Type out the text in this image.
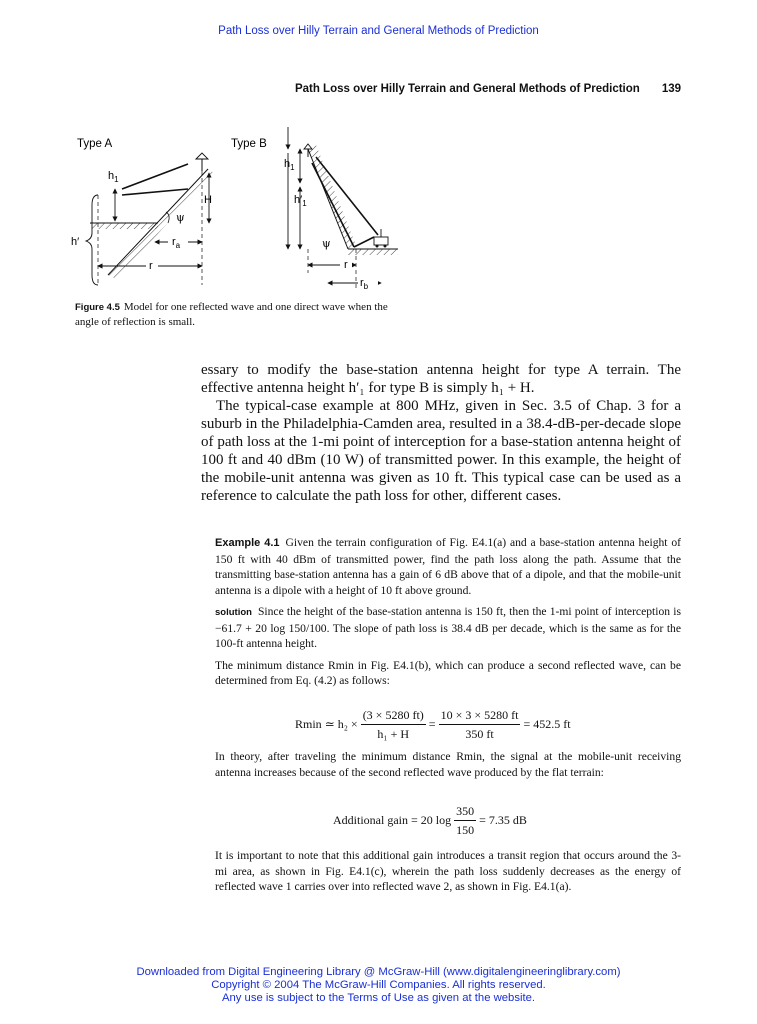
Path Loss over Hilly Terrain and General Methods of Prediction
Path Loss over Hilly Terrain and General Methods of Prediction 139
Type A	Type B
$h_1$
H
ψ
h′	$r_a$
r
$h_1$
$h'_1$
ψ
r
$r_b$
Figure 4.5 Model for one reflected wave and one direct wave when the angle of reflection is small.

essary to modify the base-station antenna height for type A terrain. The effective antenna height h′₁ for type B is simply h₁ + H.

The typical-case example at 800 MHz, given in Sec. 3.5 of Chap. 3 for a suburb in the Philadelphia-Camden area, resulted in a 38.4-dB-per-decade slope of path loss at the 1-mi point of interception for a base-station antenna height of 100 ft and 40 dBm (10 W) of transmitted power. In this example, the height of the mobile-unit antenna was given as 10 ft. This typical case can be used as a reference to calculate the path loss for other, different cases.

Example 4.1 Given the terrain configuration of Fig. E4.1(a) and a base-station antenna height of 150 ft with 40 dBm of transmitted power, find the path loss along the path. Assume that the transmitting base-station antenna has a gain of 6 dB above that of a dipole, and that the mobile-unit antenna is a dipole with a height of 10 ft above ground.

solution Since the height of the base-station antenna is 150 ft, then the 1-mi point of interception is −61.7 + 20 log 150/100. The slope of path loss is 38.4 dB per decade, which is the same as for the 100-ft antenna height.

The minimum distance Rmin in Fig. E4.1(b), which can produce a second reflected wave, can be determined from Eq. (4.2) as follows:

Rmin ≃ $h_2 \times \frac{(3 \times 5280 ft)}{\text{h₁ + H}} = \frac{10 \times 3 \times 5280 ft}{350 ft} = 452.5$ ft

In theory, after traveling the minimum distance Rmin, the signal at the mobile-unit receiving antenna increases because of the second reflected wave produced by the flat terrain:

Additional gain = 20 $\log \frac{350}{150} = 7.35$ dB

It is important to note that this additional gain introduces a transit region that occurs around the 3-mi area, as shown in Fig. E4.1(c), wherein the path loss suddenly decreases as the energy of reflected wave 1 carries over into reflected wave 2, as shown in Fig. E4.1(a).

Downloaded from Digital Engineering Library @ McGraw-Hill (www.digitalengineeringlibrary.com)
Copyright © 2004 The McGraw-Hill Companies. All rights reserved.
Any use is subject to the Terms of Use as given at the website.
